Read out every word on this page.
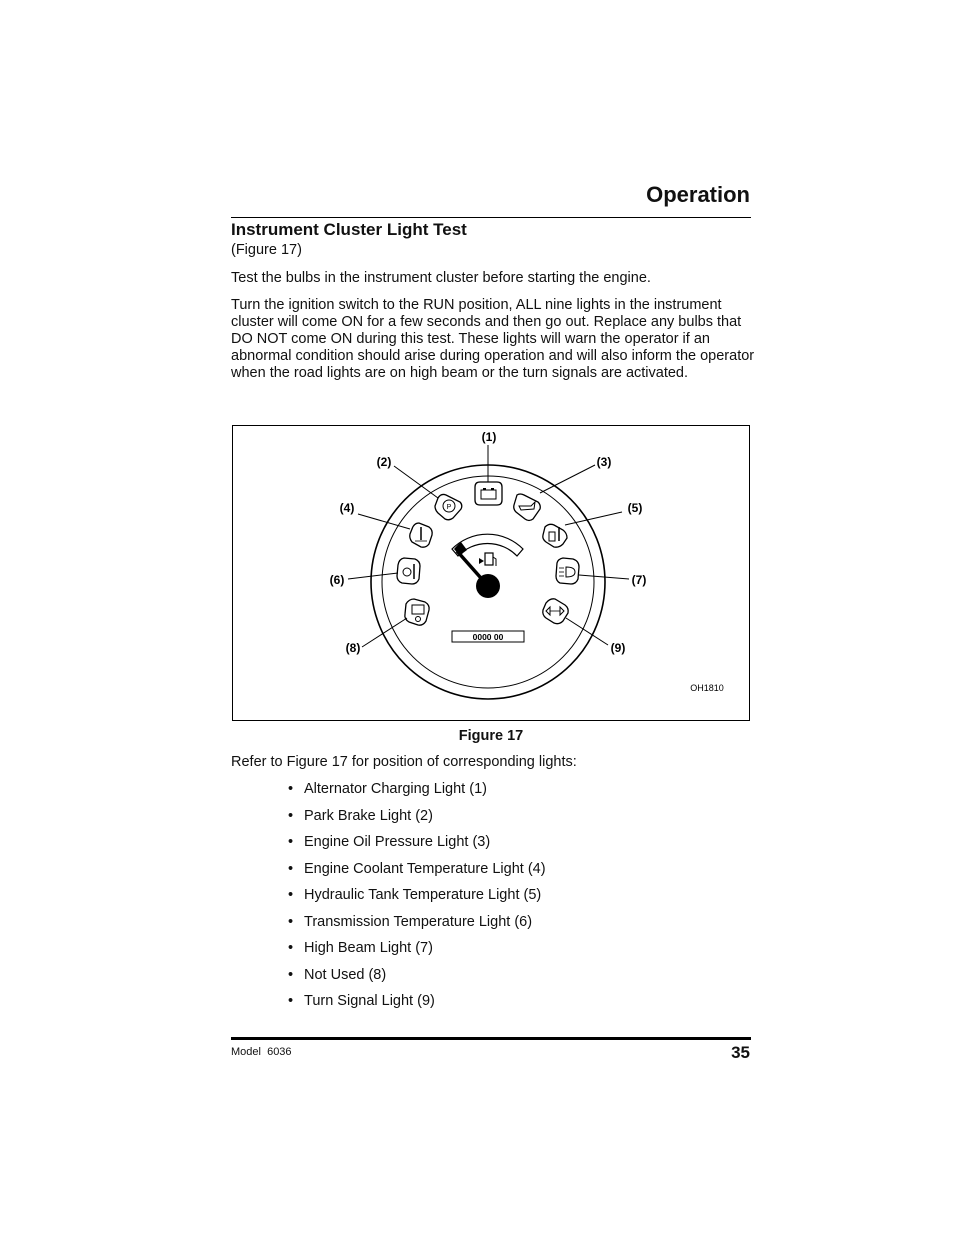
Operation
Instrument Cluster Light Test

(Figure 17)

Test the bulbs in the instrument cluster before starting the engine.

Turn the ignition switch to the RUN position, ALL nine lights in the instrument cluster will come ON for a few seconds and then go out. Replace any bulbs that DO NOT come ON during this test. These lights will warn the operator if an abnormal condition should arise during operation and will also inform the operator when the road lights are on high beam or the turn signals are activated.

0000 00
P
(1)
(2)	(3)
(4)	(5)
(6)	(7)
(8)	(9)
OH1810

Figure 17

Refer to Figure 17 for position of corresponding lights:

• Alternator Charging Light (1)
• Park Brake Light (2)
• Engine Oil Pressure Light (3)
• Engine Coolant Temperature Light (4)
• Hydraulic Tank Temperature Light (5)
• Transmission Temperature Light (6)
• High Beam Light (7)
• Not Used (8)
• Turn Signal Light (9)
Model  6036	35
